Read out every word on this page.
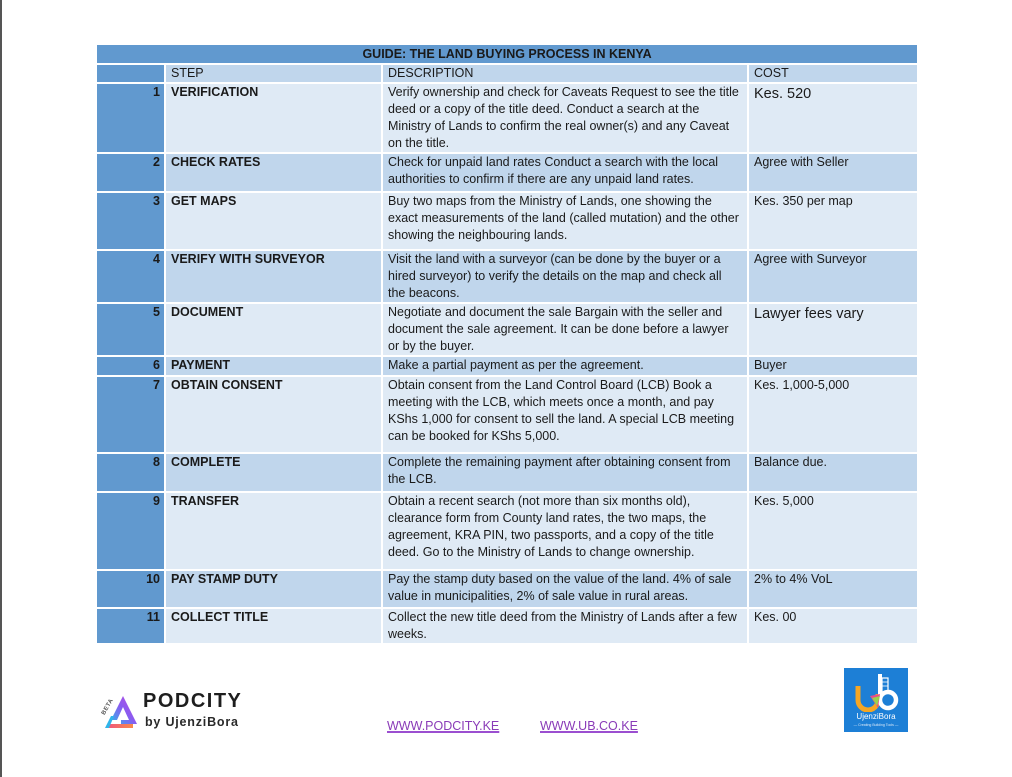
GUIDE: THE LAND BUYING PROCESS IN KENYA			
	STEP	DESCRIPTION	COST
1	VERIFICATION	Verify ownership and check for Caveats Request to see the title deed or a copy of the title deed. Conduct a search at the Ministry of Lands to confirm the real owner(s) and any Caveat on the title.	Kes. 520
2	CHECK RATES	Check for unpaid land rates Conduct a search with the local authorities to confirm if there are any unpaid land rates.	Agree with Seller
3	GET MAPS	Buy two maps from the Ministry of Lands, one showing the exact measurements of the land (called mutation) and the other showing the neighbouring lands.	Kes. 350 per map
4	VERIFY WITH SURVEYOR	Visit the land with a surveyor (can be done by the buyer or a hired surveyor) to verify the details on the map and check all the beacons.	Agree with Surveyor
5	DOCUMENT	Negotiate and document the sale Bargain with the seller and document the sale agreement. It can be done before a lawyer or by the buyer.	Lawyer fees vary
6	PAYMENT	Make a partial payment as per the agreement.	Buyer
7	OBTAIN CONSENT	Obtain consent from the Land Control Board (LCB) Book a meeting with the LCB, which meets once a month, and pay KShs 1,000 for consent to sell the land. A special LCB meeting can be booked for KShs 5,000.	Kes. 1,000-5,000
8	COMPLETE	Complete the remaining payment after obtaining consent from the LCB.	Balance due.
9	TRANSFER	Obtain a recent search (not more than six months old), clearance form from County land rates, the two maps, the agreement, KRA PIN, two passports, and a copy of the title deed. Go to the Ministry of Lands to change ownership.	Kes. 5,000
10	PAY STAMP DUTY	Pay the stamp duty based on the value of the land. 4% of sale value in municipalities, 2% of sale value in rural areas.	2% to 4% VoL
11	COLLECT TITLE	Collect the new title deed from the Ministry of Lands after a few weeks.	Kes. 00
BETA PODCITY
by UjenziBora	WWW.PODCITY.KE	WWW.UB.CO.KE
UjenziBora
— Creating Building Tools —
